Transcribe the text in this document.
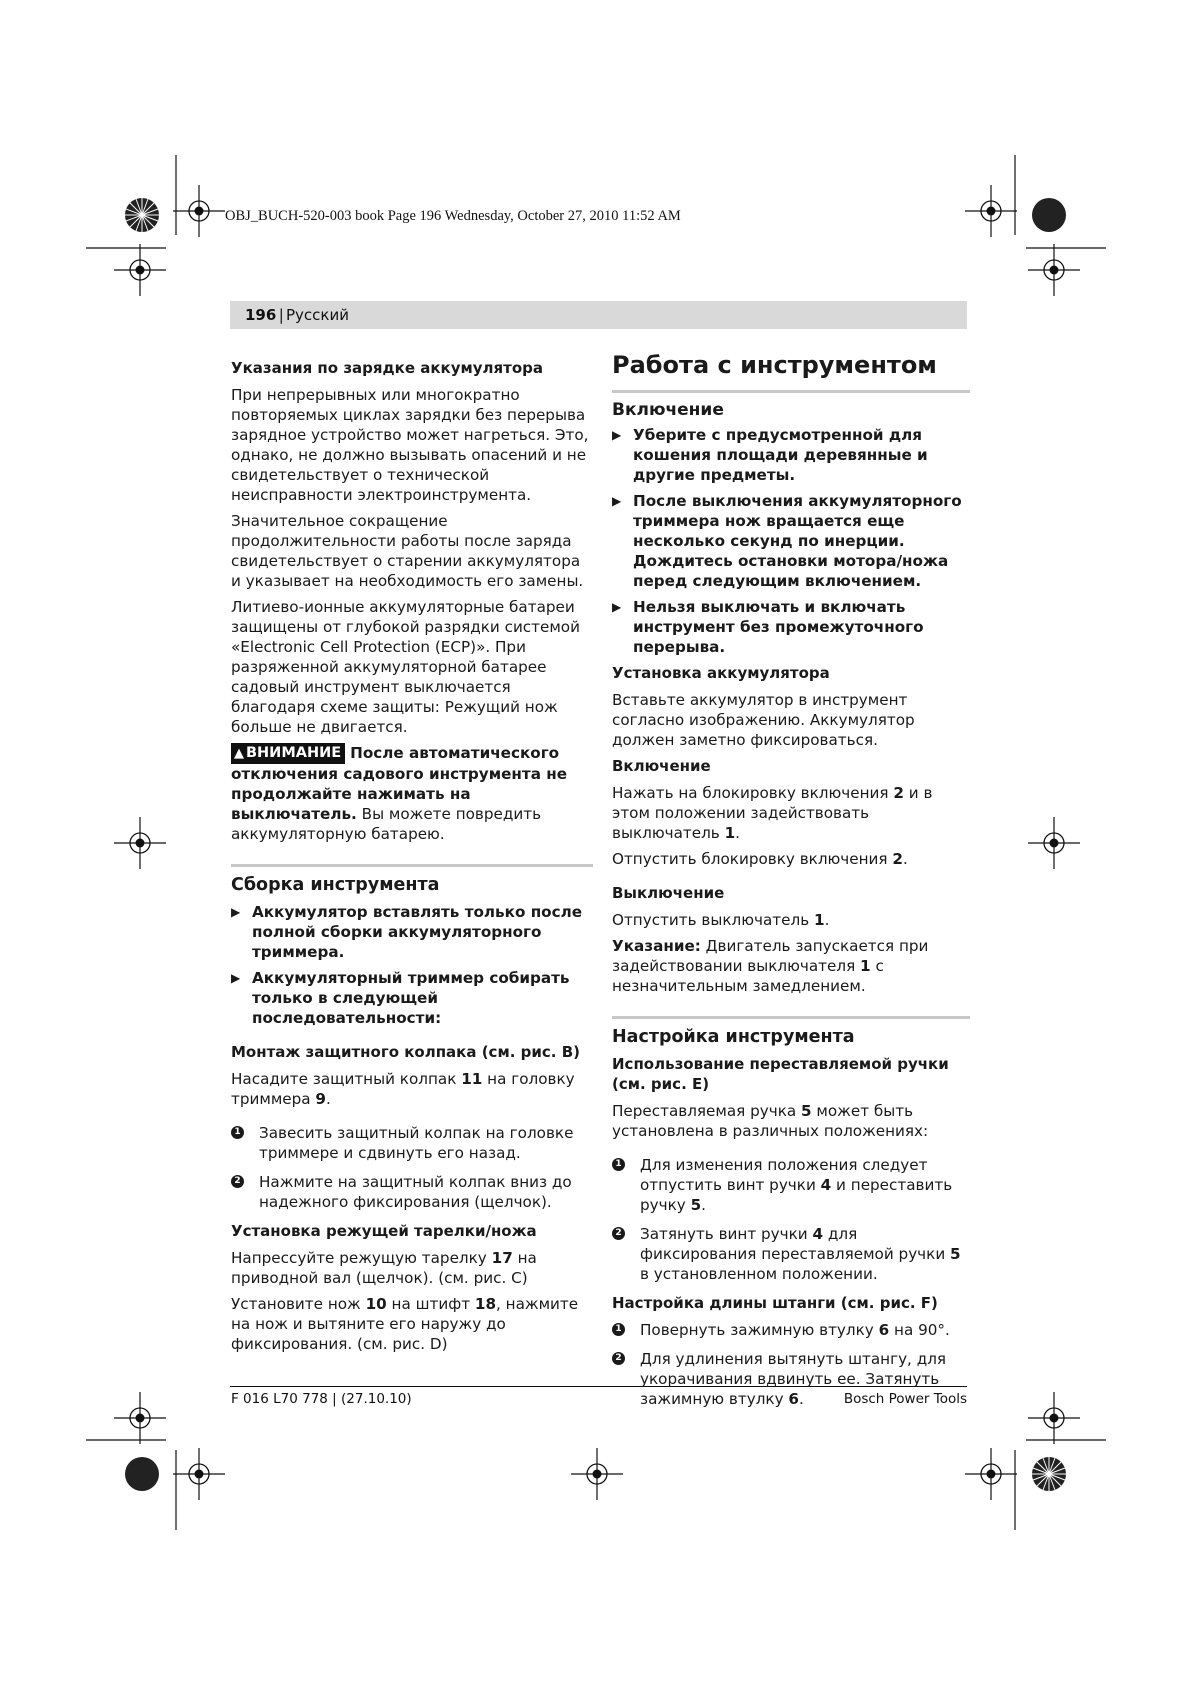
OBJ_BUCH-520-003 book Page 196 Wednesday, October 27, 2010 11:52 AM
196
|
Русский
Указания по зарядке аккумулятора

При непрерывных или многократно повторяемых циклах зарядки без перерыва зарядное устройство может нагреться. Это, однако, не должно вызывать опасений и не свидетельствует о технической неисправности электроинструмента.

Значительное сокращение продолжительности работы после заряда свидетельствует о старении аккумулятора и указывает на необходимость его замены.

Литиево-ионные аккумуляторные батареи защищены от глубокой разрядки системой «Electronic Cell Protection (ECP)». При разряженной аккумуляторной батарее садовый инструмент выключается благодаря схеме защиты: Режущий нож больше не двигается.

▲ ВНИМАНИЕ После автоматического отключения садового инструмента не продолжайте нажимать на выключатель. Вы можете повредить аккумуляторную батарею.

Сборка инструмента
▶ Аккумулятор вставлять только после полной сборки аккумуляторного триммера.
▶ Аккумуляторный триммер собирать только в следующей последовательности:
Монтаж защитного колпака (см. рис. B)

Насадите защитный колпак 11 на головку триммера 9.

1 Завесить защитный колпак на головке триммере и сдвинуть его назад.
2 Нажмите на защитный колпак вниз до надежного фиксирования (щелчок).
Установка режущей тарелки/ножа

Напрессуйте режущую тарелку 17 на приводной вал (щелчок). (см. рис. C)

Установите нож 10 на штифт 18, нажмите на нож и вытяните его наружу до фиксирования. (см. рис. D)

Работа с инструментом
Включение
▶ Уберите с предусмотренной для кошения площади деревянные и другие предметы.
▶ После выключения аккумуляторного триммера нож вращается еще несколько секунд по инерции. Дождитесь остановки мотора/ножа перед следующим включением.
▶ Нельзя выключать и включать инструмент без промежуточного перерыва.
Установка аккумулятора

Вставьте аккумулятор в инструмент согласно изображению. Аккумулятор должен заметно фиксироваться.

Включение

Нажать на блокировку включения 2 и в этом положении задействовать выключатель 1.

Отпустить блокировку включения 2.

Выключение

Отпустить выключатель 1.

Указание: Двигатель запускается при задействовании выключателя 1 с незначительным замедлением.

Настройка инструмента
Использование переставляемой ручки (см. рис. E)

Переставляемая ручка 5 может быть установлена в различных положениях:

1 Для изменения положения следует отпустить винт ручки 4 и переставить ручку 5.
2 Затянуть винт ручки 4 для фиксирования переставляемой ручки 5 в установленном положении.
Настройка длины штанги (см. рис. F)
1 Повернуть зажимную втулку 6 на 90°.
2 Для удлинения вытянуть штангу, для укорачивания вдвинуть ее. Затянуть зажимную втулку 6.
F 016 L70 778 | (27.10.10)	Bosch Power Tools
